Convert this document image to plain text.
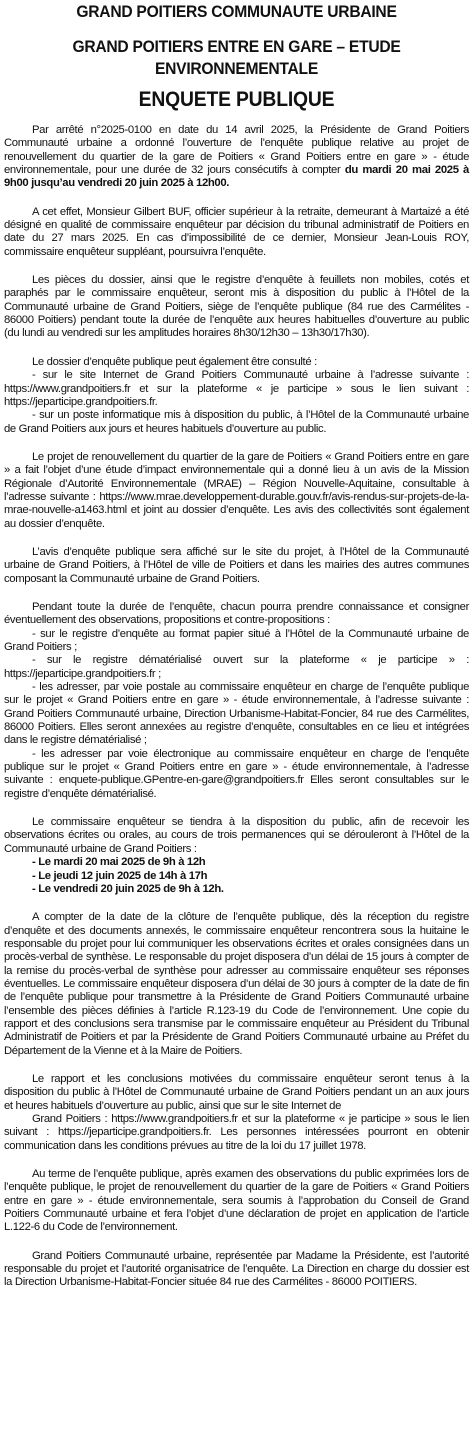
GRAND POITIERS COMMUNAUTE URBAINE
GRAND POITIERS ENTRE EN GARE – ETUDE ENVIRONNEMENTALE
ENQUETE PUBLIQUE

Par arrêté n°2025-0100 en date du 14 avril 2025, la Présidente de Grand Poitiers Communauté urbaine a ordonné l’ouverture de l’enquête publique relative au projet de renouvellement du quartier de la gare de Poitiers « Grand Poitiers entre en gare » - étude environnementale, pour une durée de 32 jours consécutifs à compter du mardi 20 mai 2025 à 9h00 jusqu’au vendredi 20 juin 2025 à 12h00.

A cet effet, Monsieur Gilbert BUF, officier supérieur à la retraite, demeurant à Martaizé a été désigné en qualité de commissaire enquêteur par décision du tribunal administratif de Poitiers en date du 27 mars 2025. En cas d’impossibilité de ce dernier, Monsieur Jean-Louis ROY, commissaire enquêteur suppléant, poursuivra l’enquête.

Les pièces du dossier, ainsi que le registre d’enquête à feuillets non mobiles, cotés et paraphés par le commissaire enquêteur, seront mis à disposition du public à l’Hôtel de la Communauté urbaine de Grand Poitiers, siège de l’enquête publique (84 rue des Carmélites - 86000 Poitiers) pendant toute la durée de l’enquête aux heures habituelles d’ouverture au public (du lundi au vendredi sur les amplitudes horaires 8h30/12h30 – 13h30/17h30).

Le dossier d’enquête publique peut également être consulté :
- sur le site Internet de Grand Poitiers Communauté urbaine à l’adresse suivante : https://www.grandpoitiers.fr et sur la plateforme « je participe » sous le lien suivant : https://jeparticipe.grandpoitiers.fr.
- sur un poste informatique mis à disposition du public, à l’Hôtel de la Communauté urbaine de Grand Poitiers aux jours et heures habituels d’ouverture au public.

Le projet de renouvellement du quartier de la gare de Poitiers « Grand Poitiers entre en gare » a fait l’objet d’une étude d’impact environnementale qui a donné lieu à un avis de la Mission Régionale d’Autorité Environnementale (MRAE) – Région Nouvelle-Aquitaine, consultable à l’adresse suivante : https://www.mrae.developpement-durable.gouv.fr/avis-rendus-sur-projets-de-la-mrae-nouvelle-a1463.html et joint au dossier d’enquête. Les avis des collectivités sont également au dossier d’enquête.

L’avis d’enquête publique sera affiché sur le site du projet, à l’Hôtel de la Communauté urbaine de Grand Poitiers, à l’Hôtel de ville de Poitiers et dans les mairies des autres communes composant la Communauté urbaine de Grand Poitiers.

Pendant toute la durée de l’enquête, chacun pourra prendre connaissance et consigner éventuellement des observations, propositions et contre-propositions :
- sur le registre d’enquête au format papier situé à l’Hôtel de la Communauté urbaine de Grand Poitiers ;
- sur le registre dématérialisé ouvert sur la plateforme « je participe » : https://jeparticipe.grandpoitiers.fr ;
- les adresser, par voie postale au commissaire enquêteur en charge de l’enquête publique sur le projet « Grand Poitiers entre en gare » - étude environnementale, à l’adresse suivante : Grand Poitiers Communauté urbaine, Direction Urbanisme-Habitat-Foncier, 84 rue des Carmélites, 86000 Poitiers. Elles seront annexées au registre d’enquête, consultables en ce lieu et intégrées dans le registre dématérialisé ;
- les adresser par voie électronique au commissaire enquêteur en charge de l’enquête publique sur le projet « Grand Poitiers entre en gare » - étude environnementale, à l’adresse suivante : enquete-publique.GPentre-en-gare@grandpoitiers.fr Elles seront consultables sur le registre d’enquête dématérialisé.

Le commissaire enquêteur se tiendra à la disposition du public, afin de recevoir les observations écrites ou orales, au cours de trois permanences qui se dérouleront à l’Hôtel de la Communauté urbaine de Grand Poitiers :

- Le mardi 20 mai 2025 de 9h à 12h
- Le jeudi 12 juin 2025 de 14h à 17h
- Le vendredi 20 juin 2025 de 9h à 12h.

A compter de la date de la clôture de l’enquête publique, dès la réception du registre d’enquête et des documents annexés, le commissaire enquêteur rencontrera sous la huitaine le responsable du projet pour lui communiquer les observations écrites et orales consignées dans un procès-verbal de synthèse. Le responsable du projet disposera d’un délai de 15 jours à compter de la remise du procès-verbal de synthèse pour adresser au commissaire enquêteur ses réponses éventuelles. Le commissaire enquêteur disposera d’un délai de 30 jours à compter de la date de fin de l’enquête publique pour transmettre à la Présidente de Grand Poitiers Communauté urbaine l’ensemble des pièces définies à l’article R.123-19 du Code de l’environnement. Une copie du rapport et des conclusions sera transmise par le commissaire enquêteur au Président du Tribunal Administratif de Poitiers et par la Présidente de Grand Poitiers Communauté urbaine au Préfet du Département de la Vienne et à la Maire de Poitiers.

Le rapport et les conclusions motivées du commissaire enquêteur seront tenus à la disposition du public à l’Hôtel de Communauté urbaine de Grand Poitiers pendant un an aux jours et heures habituels d’ouverture au public, ainsi que sur le site Internet de
Grand Poitiers : https://www.grandpoitiers.fr et sur la plateforme « je participe » sous le lien suivant : https://jeparticipe.grandpoitiers.fr. Les personnes intéressées pourront en obtenir communication dans les conditions prévues au titre de la loi du 17 juillet 1978.

Au terme de l’enquête publique, après examen des observations du public exprimées lors de l’enquête publique, le projet de renouvellement du quartier de la gare de Poitiers « Grand Poitiers entre en gare » - étude environnementale, sera soumis à l’approbation du Conseil de Grand Poitiers Communauté urbaine et fera l’objet d’une déclaration de projet en application de l’article L.122-6 du Code de l’environnement.

Grand Poitiers Communauté urbaine, représentée par Madame la Présidente, est l’autorité responsable du projet et l’autorité organisatrice de l’enquête. La Direction en charge du dossier est la Direction Urbanisme-Habitat-Foncier située 84 rue des Carmélites - 86000 POITIERS.
